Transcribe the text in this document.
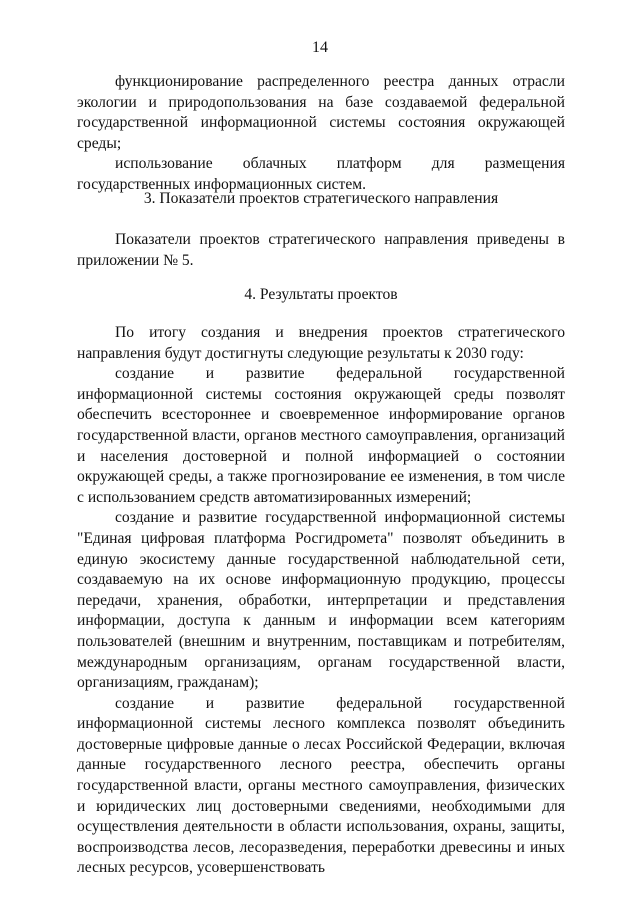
14

функционирование распределенного реестра данных отрасли экологии и природопользования на базе создаваемой федеральной государственной информационной системы состояния окружающей среды;

использование облачных платформ для размещения государственных информационных систем.

3. Показатели проектов стратегического направления

Показатели проектов стратегического направления приведены в приложении № 5.

4. Результаты проектов

По итогу создания и внедрения проектов стратегического направления будут достигнуты следующие результаты к 2030 году:

создание и развитие федеральной государственной информационной системы состояния окружающей среды позволят обеспечить всестороннее и своевременное информирование органов государственной власти, органов местного самоуправления, организаций и населения достоверной и полной информацией о состоянии окружающей среды, а также прогнозирование ее изменения, в том числе с использованием средств автоматизированных измерений;

создание и развитие государственной информационной системы "Единая цифровая платформа Росгидромета" позволят объединить в единую экосистему данные государственной наблюдательной сети, создаваемую на их основе информационную продукцию, процессы передачи, хранения, обработки, интерпретации и представления информации, доступа к данным и информации всем категориям пользователей (внешним и внутренним, поставщикам и потребителям, международным организациям, органам государственной власти, организациям, гражданам);

создание и развитие федеральной государственной информационной системы лесного комплекса позволят объединить достоверные цифровые данные о лесах Российской Федерации, включая данные государственного лесного реестра, обеспечить органы государственной власти, органы местного самоуправления, физических и юридических лиц достоверными сведениями, необходимыми для осуществления деятельности в области использования, охраны, защиты, воспроизводства лесов, лесоразведения, переработки древесины и иных лесных ресурсов, усовершенствовать
